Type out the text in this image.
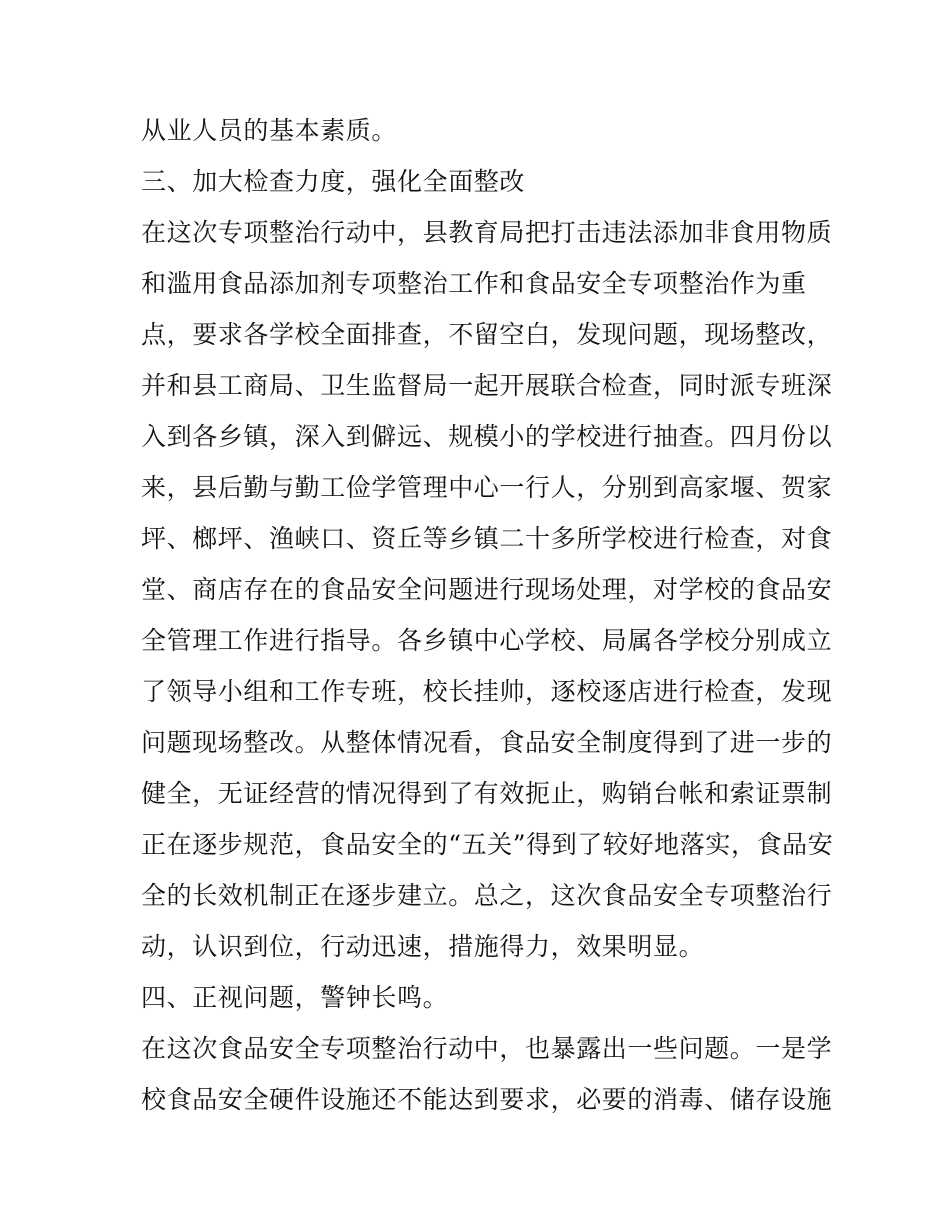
从业人员的基本素质。
三、加大检查力度，强化全面整改
在这次专项整治行动中，县教育局把打击违法添加非食用物质
和滥用食品添加剂专项整治工作和食品安全专项整治作为重
点，要求各学校全面排查，不留空白，发现问题，现场整改，
并和县工商局、卫生监督局一起开展联合检查，同时派专班深
入到各乡镇，深入到僻远、规模小的学校进行抽查。四月份以
来，县后勤与勤工俭学管理中心一行人，分别到高家堰、贺家
坪、榔坪、渔峡口、资丘等乡镇二十多所学校进行检查，对食
堂、商店存在的食品安全问题进行现场处理，对学校的食品安
全管理工作进行指导。各乡镇中心学校、局属各学校分别成立
了领导小组和工作专班，校长挂帅，逐校逐店进行检查，发现
问题现场整改。从整体情况看，食品安全制度得到了进一步的
健全，无证经营的情况得到了有效扼止，购销台帐和索证票制
正在逐步规范，食品安全的“五关”得到了较好地落实，食品安
全的长效机制正在逐步建立。总之，这次食品安全专项整治行
动，认识到位，行动迅速，措施得力，效果明显。
四、正视问题，警钟长鸣。
在这次食品安全专项整治行动中，也暴露出一些问题。一是学
校食品安全硬件设施还不能达到要求，必要的消毒、储存设施
